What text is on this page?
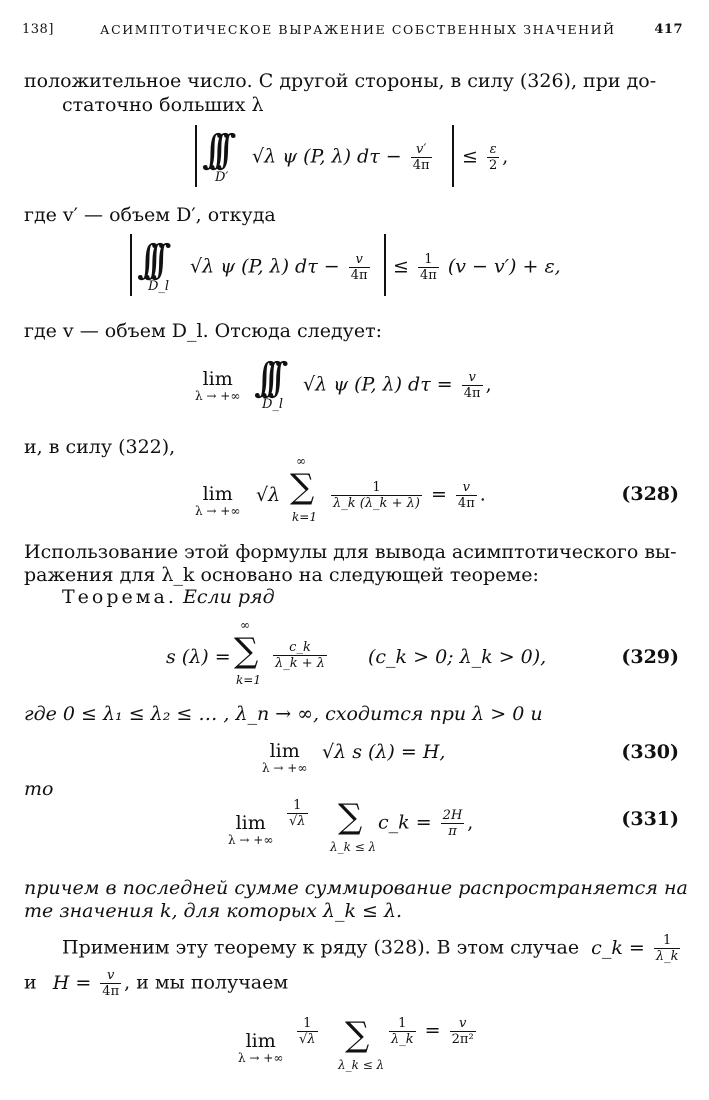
138]	АСИМПТОТИЧЕСКОЕ ВЫРАЖЕНИЕ СОБСТВЕННЫХ ЗНАЧЕНИЙ	417
положительное число. С другой стороны, в силу (326), при до-
статочно больших λ
∫∫∫
D′
√λ ψ (P, λ) $d\tau - \frac{v'}{4\pi} \le \frac{\varepsilon}{2}$ ,
где v′ — объем D′, откуда
∫∫∫
D_l
√λ ψ (P, λ) $d\tau - \frac{v}{4\pi} \le \frac{1}{4\pi} (v - v') + \varepsilon$,
где v — объем D_l. Отсюда следует:
lim
λ → +∞ ∫∫∫
D_l
√λ ψ (P, λ) $d\tau = \frac{v}{4\pi}$ ,
и, в силу (322),
lim
λ → +∞
√λ
∞
∑
k=1
$\frac{1}{\lambda\_k (\lambda\_k + \lambda)} = \frac{v}{4\pi}$ .	(328)
Использование этой формулы для вывода асимптотического вы-
ражения для λ_k основано на следующей теореме:
Теорема. Если ряд
s (λ) =
∞
∑
k=1
$\frac{c\_k}{\lambda\_k + \lambda}$ (c_k > 0; λ_k > 0),	(329)
где 0 ≤ λ₁ ≤ λ₂ ≤ … , λ_n → ∞, сходится при λ > 0 и
lim
λ → +∞
√λ s (λ) = H,	(330)
то
lim
λ → +∞
$\frac{1}{√\lambda}$ ∑
λ_k ≤ λ
c_k = $\frac{2H}{\pi}$ ,	(331)
причем в последней сумме суммирование распространяется на
те значения k, для которых λ_k ≤ λ.
Применим эту теорему к ряду (328). В этом случае c_k = $\frac{1}{\lambda\_k}$
и $H = \frac{v}{4\pi}$ , и мы получаем
lim
λ → +∞
$\frac{1}{√\lambda}$ ∑
λ_k ≤ λ
$\frac{1}{\lambda\_k} = \frac{v}{\text{2π²}}$
